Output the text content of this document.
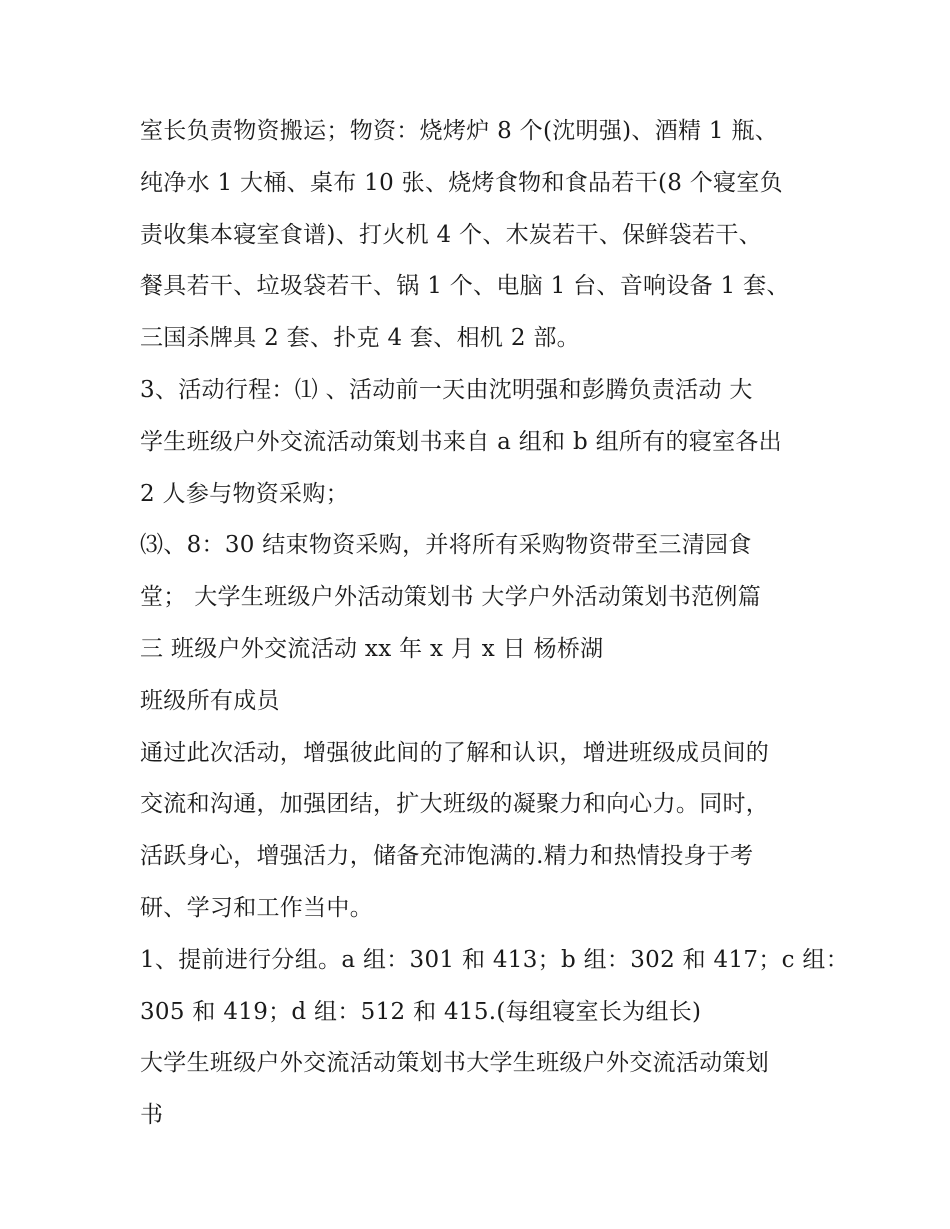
室长负责物资搬运；物资：烧烤炉 8 个(沈明强)、酒精 1 瓶、
纯净水 1 大桶、桌布 10 张、烧烤食物和食品若干(8 个寝室负
责收集本寝室食谱)、打火机 4 个、木炭若干、保鲜袋若干、
餐具若干、垃圾袋若干、锅 1 个、电脑 1 台、音响设备 1 套、
三国杀牌具 2 套、扑克 4 套、相机 2 部。
3、活动行程：⑴ 、活动前一天由沈明强和彭腾负责活动 大
学生班级户外交流活动策划书来自 a 组和 b 组所有的寝室各出
2 人参与物资采购；
⑶、8：30 结束物资采购，并将所有采购物资带至三清园食
堂； 大学生班级户外活动策划书 大学户外活动策划书范例篇
三 班级户外交流活动 xx 年 x 月 x 日 杨桥湖
班级所有成员
通过此次活动，增强彼此间的了解和认识，增进班级成员间的
交流和沟通，加强团结，扩大班级的凝聚力和向心力。同时，
活跃身心，增强活力，储备充沛饱满的.精力和热情投身于考
研、学习和工作当中。
1、提前进行分组。a 组：301 和 413；b 组：302 和 417；c 组：
305 和 419；d 组：512 和 415.(每组寝室长为组长)
大学生班级户外交流活动策划书大学生班级户外交流活动策划
书
